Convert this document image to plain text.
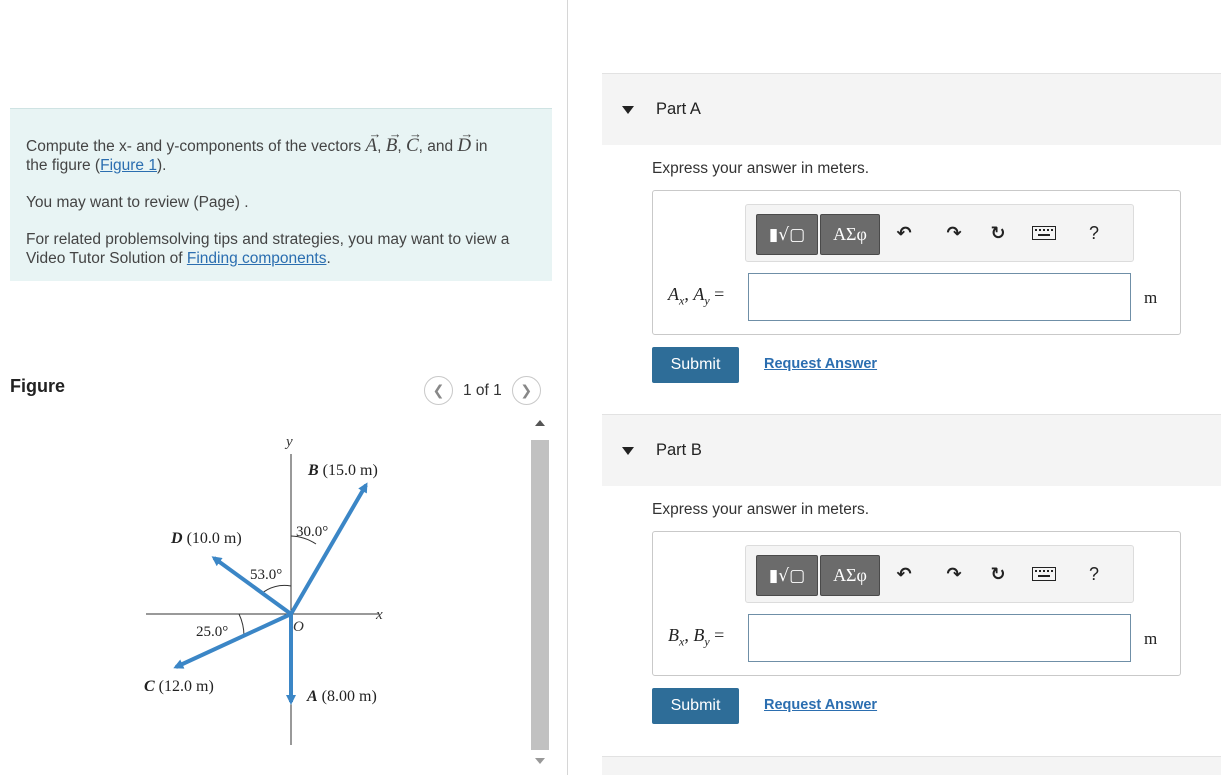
Compute the x- and y-components of the vectors → A, → B, → C, and → D in
the figure (Figure 1).

You may want to review (Page) .

For related problemsolving tips and strategies, you may want to view a Video Tutor Solution of Finding components.

Figure	❮	1 of 1	❯
y
x
O
B (15.0 m)
D (10.0 m)
C (12.0 m)
A (8.00 m)
30.0°
53.0°
25.0°
Part A
Express your answer in meters.
▮√▢	ΑΣφ	↶ ↷ ↻	?
$A_x$, $A_y$ =	m
Submit	Request Answer
Part B
Express your answer in meters.
▮√▢	ΑΣφ	↶ ↷ ↻	?
$B_x$, $B_y$ =	m
Submit	Request Answer
